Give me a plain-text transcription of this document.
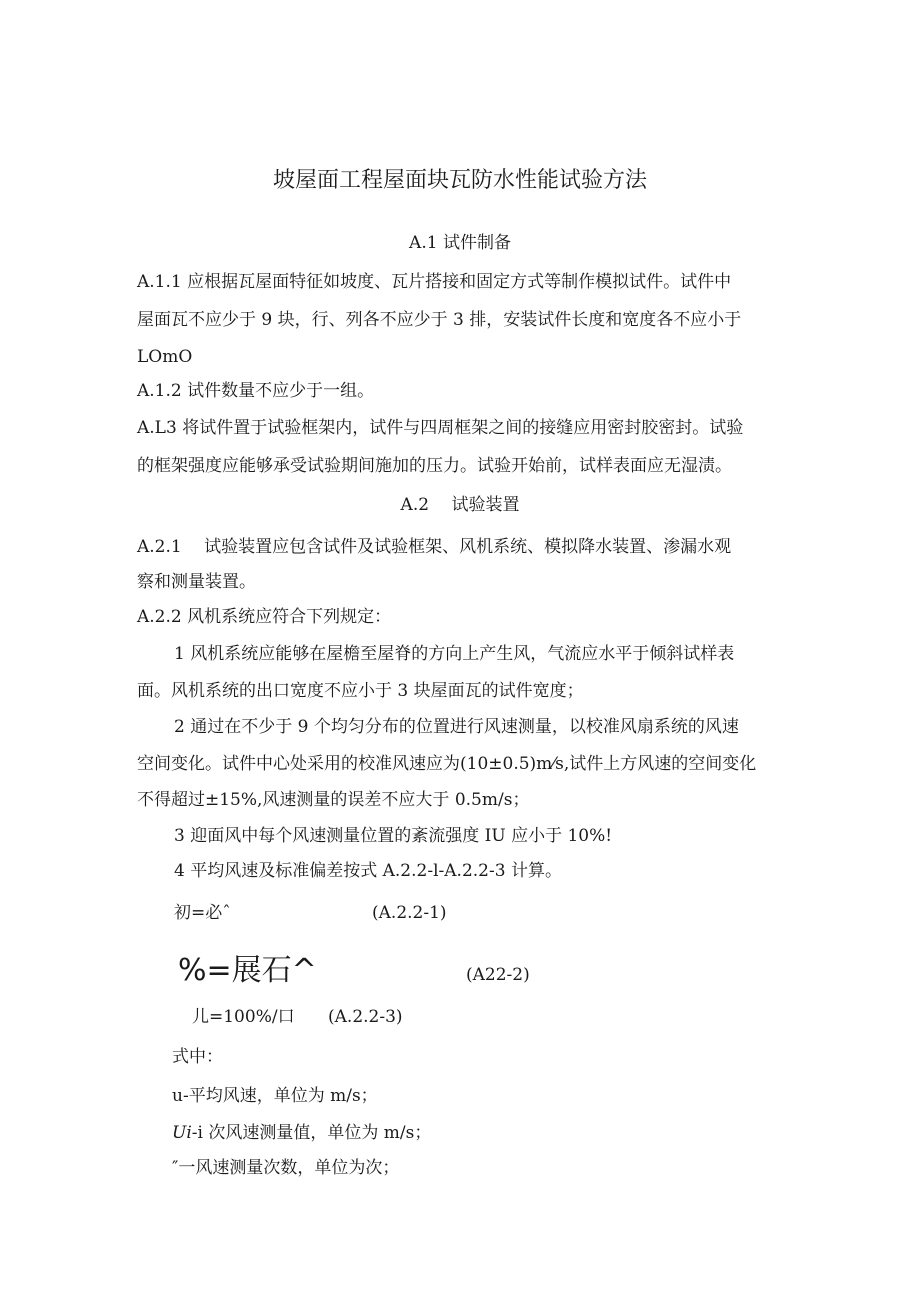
坡屋面工程屋面块瓦防水性能试验方法

A.1 试件制备

A.1.1 应根据瓦屋面特征如坡度、瓦片搭接和固定方式等制作模拟试件。试件中

屋面瓦不应少于 9 块，行、列各不应少于 3 排，安装试件长度和宽度各不应小于

LOmO

A.1.2 试件数量不应少于一组。

A.L3 将试件置于试验框架内，试件与四周框架之间的接缝应用密封胶密封。试验

的框架强度应能够承受试验期间施加的压力。试验开始前，试样表面应无湿渍。

A.2　 试验装置

A.2.1　 试验装置应包含试件及试验框架、风机系统、模拟降水装置、渗漏水观

察和测量装置。

A.2.2 风机系统应符合下列规定：

1 风机系统应能够在屋檐至屋脊的方向上产生风，气流应水平于倾斜试样表

面。风机系统的出口宽度不应小于 3 块屋面瓦的试件宽度；

2 通过在不少于 9 个均匀分布的位置进行风速测量，以校准风扇系统的风速

空间变化。试件中心处采用的校准风速应为(10±0.5)m⁄s,试件上方风速的空间变化

不得超过±15%,风速测量的误差不应大于 0.5m/s；

3 迎面风中每个风速测量位置的紊流强度 IU 应小于 10%!

4 平均风速及标准偏差按式 A.2.2-l-A.2.2-3 计算。

初=必ˆ	(A.2.2-1)

%=展石^	(A22-2)

儿=100%/口 (A.2.2-3)

式中：

u-平均风速，单位为 m/s；

Ui-i 次风速测量值，单位为 m/s；

″一风速测量次数，单位为次；
